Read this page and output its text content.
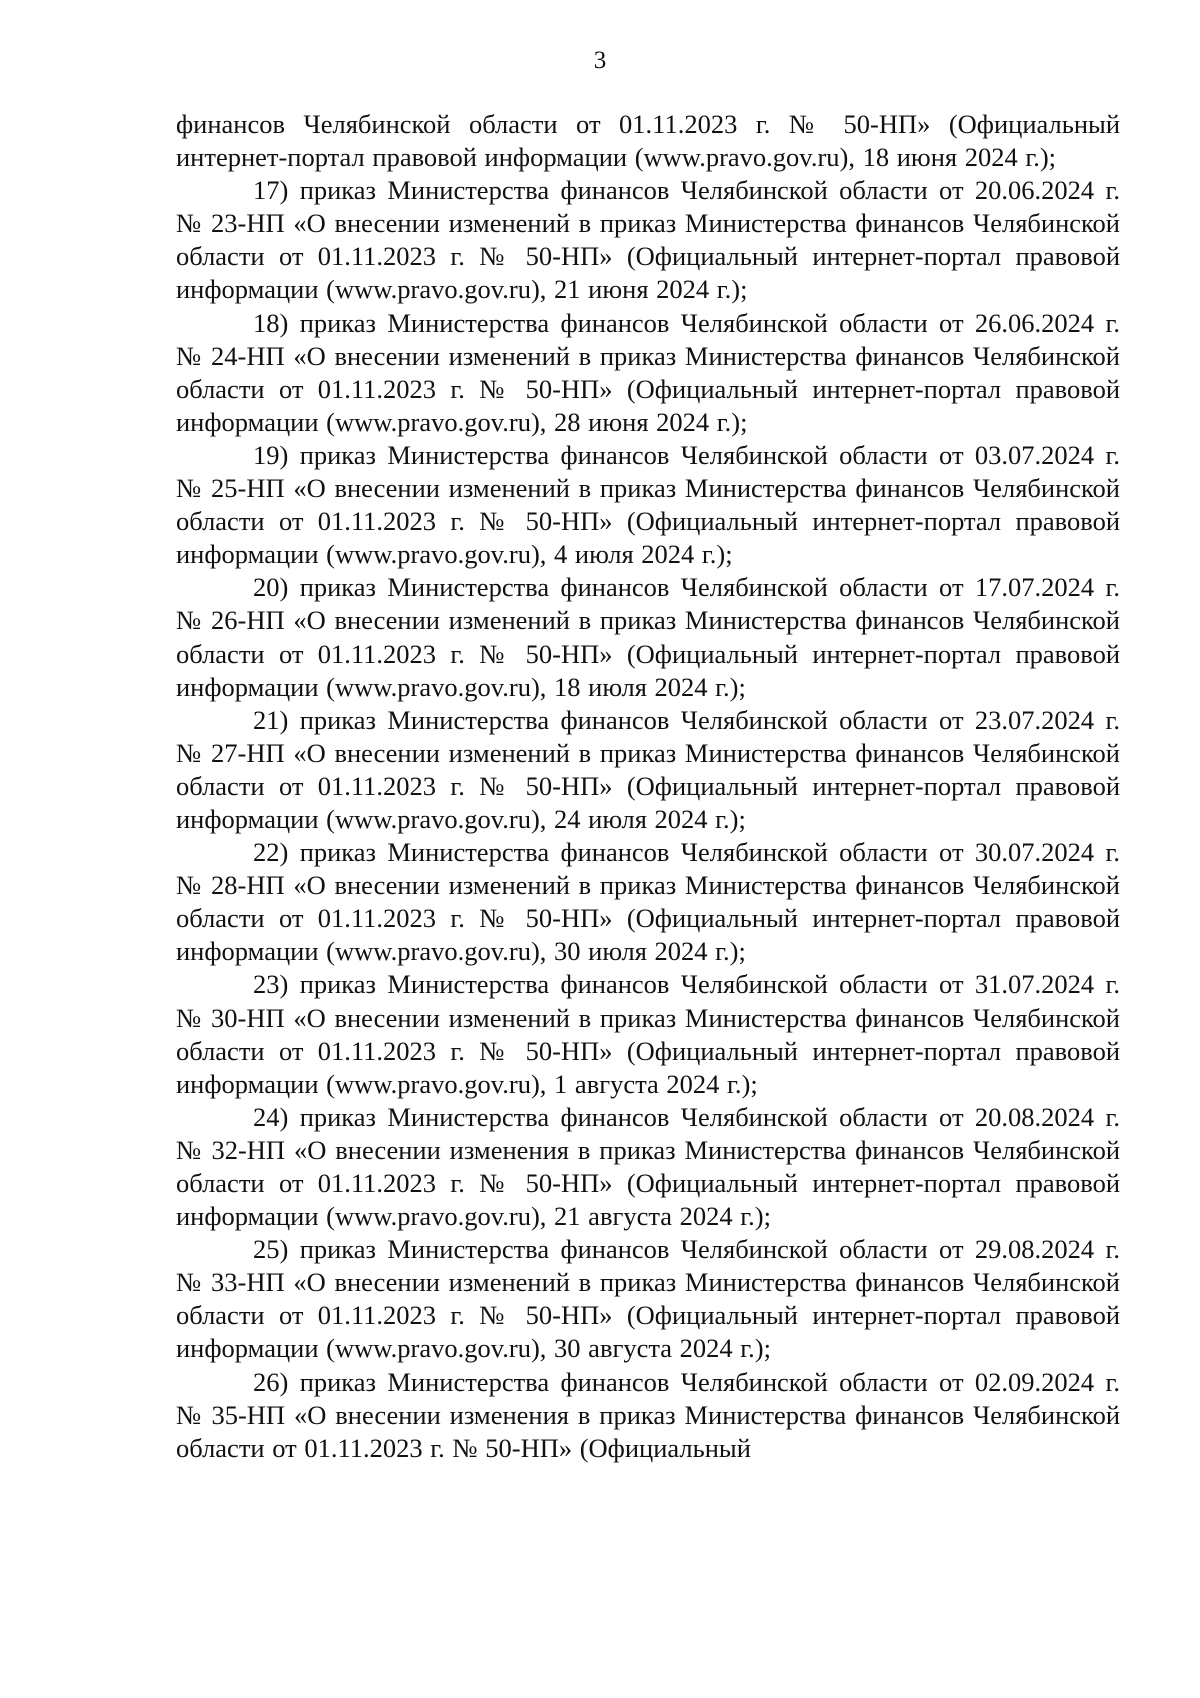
3

финансов Челябинской области от 01.11.2023 г. № 50-НП» (Официальный интернет-портал правовой информации (www.pravo.gov.ru), 18 июня 2024 г.);

17) приказ Министерства финансов Челябинской области от 20.06.2024 г. № 23-НП «О внесении изменений в приказ Министерства финансов Челябинской области от 01.11.2023 г. № 50-НП» (Официальный интернет-портал правовой информации (www.pravo.gov.ru), 21 июня 2024 г.);

18) приказ Министерства финансов Челябинской области от 26.06.2024 г. № 24-НП «О внесении изменений в приказ Министерства финансов Челябинской области от 01.11.2023 г. № 50-НП» (Официальный интернет-портал правовой информации (www.pravo.gov.ru), 28 июня 2024 г.);

19) приказ Министерства финансов Челябинской области от 03.07.2024 г. № 25-НП «О внесении изменений в приказ Министерства финансов Челябинской области от 01.11.2023 г. № 50-НП» (Официальный интернет-портал правовой информации (www.pravo.gov.ru), 4 июля 2024 г.);

20) приказ Министерства финансов Челябинской области от 17.07.2024 г. № 26-НП «О внесении изменений в приказ Министерства финансов Челябинской области от 01.11.2023 г. № 50-НП» (Официальный интернет-портал правовой информации (www.pravo.gov.ru), 18 июля 2024 г.);

21) приказ Министерства финансов Челябинской области от 23.07.2024 г. № 27-НП «О внесении изменений в приказ Министерства финансов Челябинской области от 01.11.2023 г. № 50-НП» (Официальный интернет-портал правовой информации (www.pravo.gov.ru), 24 июля 2024 г.);

22) приказ Министерства финансов Челябинской области от 30.07.2024 г. № 28-НП «О внесении изменений в приказ Министерства финансов Челябинской области от 01.11.2023 г. № 50-НП» (Официальный интернет-портал правовой информации (www.pravo.gov.ru), 30 июля 2024 г.);

23) приказ Министерства финансов Челябинской области от 31.07.2024 г. № 30-НП «О внесении изменений в приказ Министерства финансов Челябинской области от 01.11.2023 г. № 50-НП» (Официальный интернет-портал правовой информации (www.pravo.gov.ru), 1 августа 2024 г.);

24) приказ Министерства финансов Челябинской области от 20.08.2024 г. № 32-НП «О внесении изменения в приказ Министерства финансов Челябинской области от 01.11.2023 г. № 50-НП» (Официальный интернет-портал правовой информации (www.pravo.gov.ru), 21 августа 2024 г.);

25) приказ Министерства финансов Челябинской области от 29.08.2024 г. № 33-НП «О внесении изменений в приказ Министерства финансов Челябинской области от 01.11.2023 г. № 50-НП» (Официальный интернет-портал правовой информации (www.pravo.gov.ru), 30 августа 2024 г.);

26) приказ Министерства финансов Челябинской области от 02.09.2024 г. № 35-НП «О внесении изменения в приказ Министерства финансов Челябинской области от 01.11.2023 г. № 50-НП» (Официальный
